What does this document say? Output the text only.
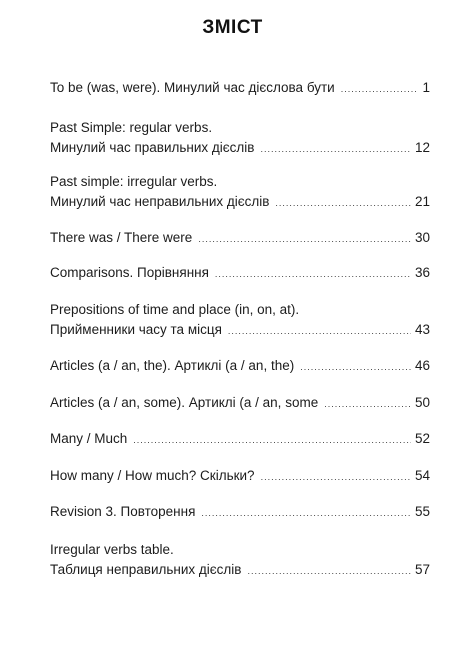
ЗМІСТ
To be (was, were). Минулий час дієслова бути .....	1
Past Simple: regular verbs.
Минулий час правильних дієслів .....	12
Past simple: irregular verbs.
Минулий час неправильних дієслів .....	21
There was / There were .....	30
Comparisons. Порівняння .....	36
Prepositions of time and place (in, on, at).
Прийменники часу та місця .....	43
Articles (a / an, the). Артиклі (a / an, the) .....	46
Articles (a / an, some). Артиклі (a / an, some .....	50
Many / Much .....	52
How many / How much? Скільки? .....	54
Revision 3. Повторення .....	55
Irregular verbs table.
Таблиця неправильних дієслів .....	57
